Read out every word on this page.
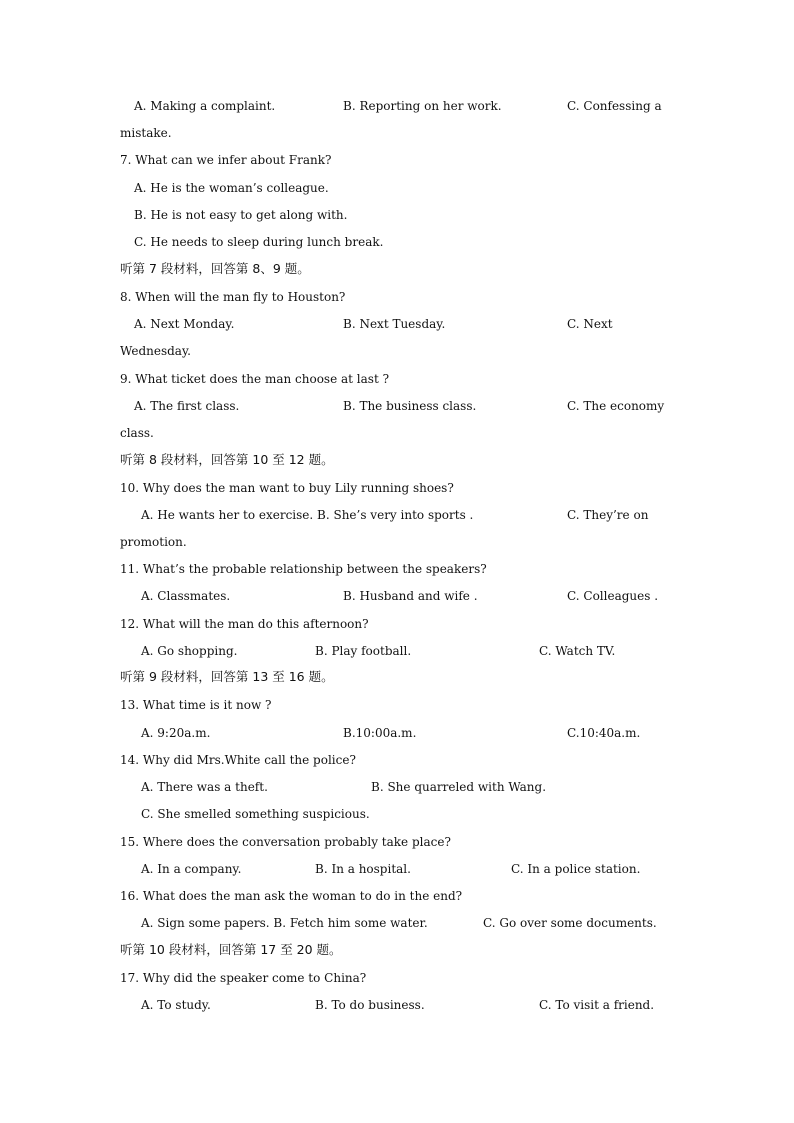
A. Making a complaint.	B. Reporting on her work.	C. Confessing a
mistake.
7. What can we infer about Frank?
A. He is the woman’s colleague.
B. He is not easy to get along with.
C. He needs to sleep during lunch break.
听第 7 段材料，回答第 8、9 题。
8. When will the man fly to Houston?
A. Next Monday.	B. Next Tuesday.	C. Next
Wednesday.
9. What ticket does the man choose at last ?
A. The first class.	B. The business class.	C. The economy
class.
听第 8 段材料，回答第 10 至 12 题。
10. Why does the man want to buy Lily running shoes?
A. He wants her to exercise. B. She’s very into sports .	C. They’re on
promotion.
11. What’s the probable relationship between the speakers?
A. Classmates.	B. Husband and wife .	C. Colleagues .
12. What will the man do this afternoon?
A. Go shopping.	B. Play football.	C. Watch TV.
听第 9 段材料，回答第 13 至 16 题。
13. What time is it now ?
A. 9:20a.m.	B.10:00a.m.	C.10:40a.m.
14. Why did Mrs.White call the police?
A. There was a theft.	B. She quarreled with Wang.
C. She smelled something suspicious.
15. Where does the conversation probably take place?
A. In a company.	B. In a hospital.	C. In a police station.
16. What does the man ask the woman to do in the end?
A. Sign some papers. B. Fetch him some water.	C. Go over some documents.
听第 10 段材料，回答第 17 至 20 题。
17. Why did the speaker come to China?
A. To study.	B. To do business.	C. To visit a friend.
